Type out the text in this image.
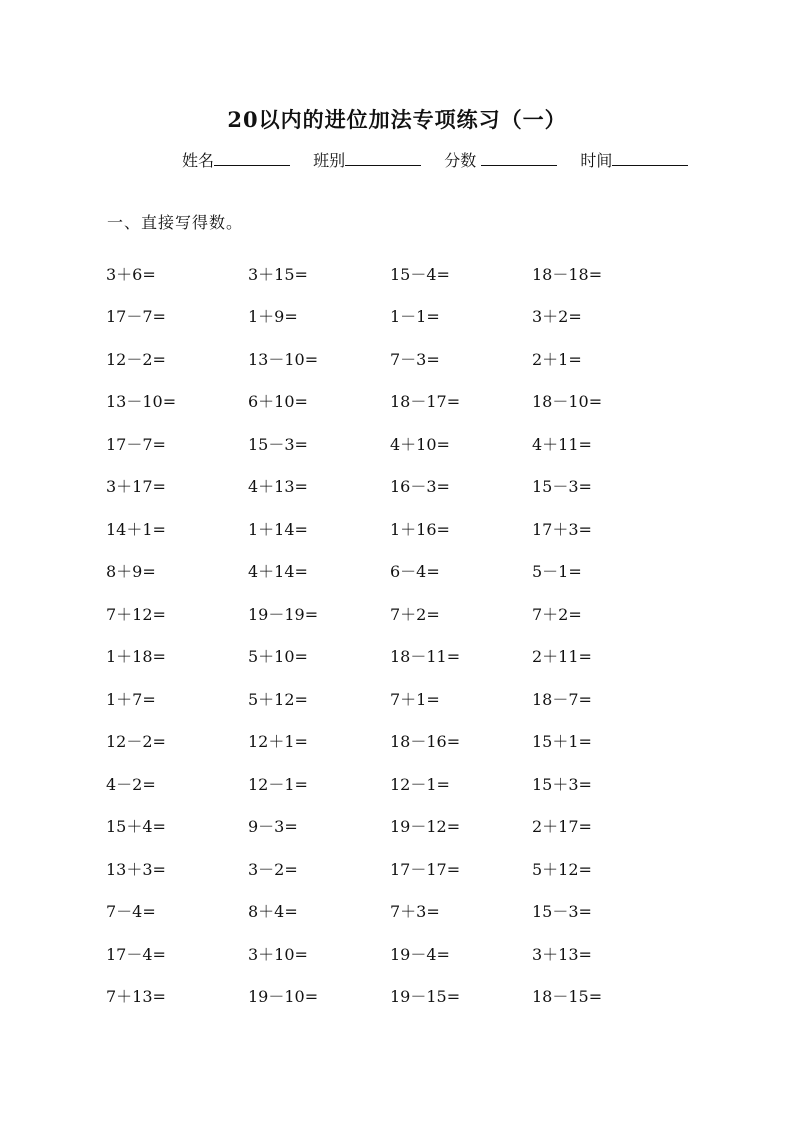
20以内的进位加法专项练习（一）
姓名	班别	分数	时间
一、直接写得数。
3＋6=	3＋15=	15－4=	18－18=
17－7=	1＋9=	1－1=	3＋2=
12－2=	13－10=	7－3=	2＋1=
13－10=	6＋10=	18－17=	18－10=
17－7=	15－3=	4＋10=	4＋11=
3＋17=	4＋13=	16－3=	15－3=
14＋1=	1＋14=	1＋16=	17＋3=
8＋9=	4＋14=	6－4=	5－1=
7＋12=	19－19=	7＋2=	7＋2=
1＋18=	5＋10=	18－11=	2＋11=
1＋7=	5＋12=	7＋1=	18－7=
12－2=	12＋1=	18－16=	15＋1=
4－2=	12－1=	12－1=	15＋3=
15＋4=	9－3=	19－12=	2＋17=
13＋3=	3－2=	17－17=	5＋12=
7－4=	8＋4=	7＋3=	15－3=
17－4=	3＋10=	19－4=	3＋13=
7＋13=	19－10=	19－15=	18－15=
